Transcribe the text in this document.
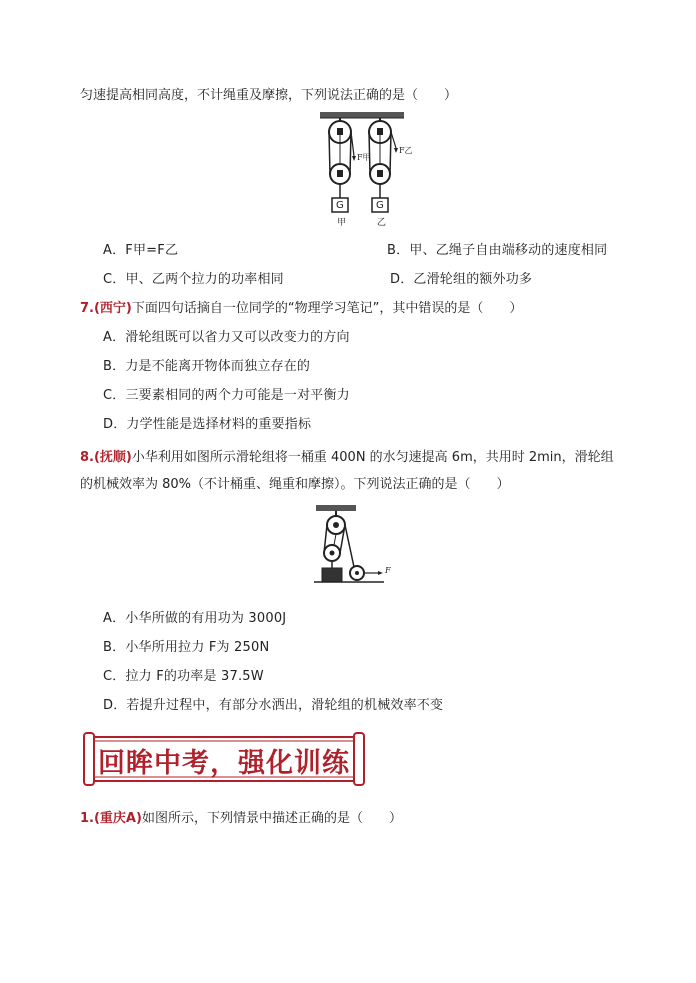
匀速提高相同高度，不计绳重及摩擦，下列说法正确的是（　　）
F甲
F乙
G	G
甲	乙
A．F甲=F乙	B．甲、乙绳子自由端移动的速度相同
C．甲、乙两个拉力的功率相同	D．乙滑轮组的额外功多
7.(西宁)下面四句话摘自一位同学的“物理学习笔记”，其中错误的是（　　）
A．滑轮组既可以省力又可以改变力的方向
B．力是不能离开物体而独立存在的
C．三要素相同的两个力可能是一对平衡力
D．力学性能是选择材料的重要指标
8.(抚顺)小华利用如图所示滑轮组将一桶重 400N 的水匀速提高 6m，共用时 2min，滑轮组
的机械效率为 80%（不计桶重、绳重和摩擦）。下列说法正确的是（　　）
F
A．小华所做的有用功为 3000J
B．小华所用拉力 F为 250N
C．拉力 F的功率是 37.5W
D．若提升过程中，有部分水洒出，滑轮组的机械效率不变
回眸中考，强化训练
1.(重庆A)如图所示，下列情景中描述正确的是（　　）
